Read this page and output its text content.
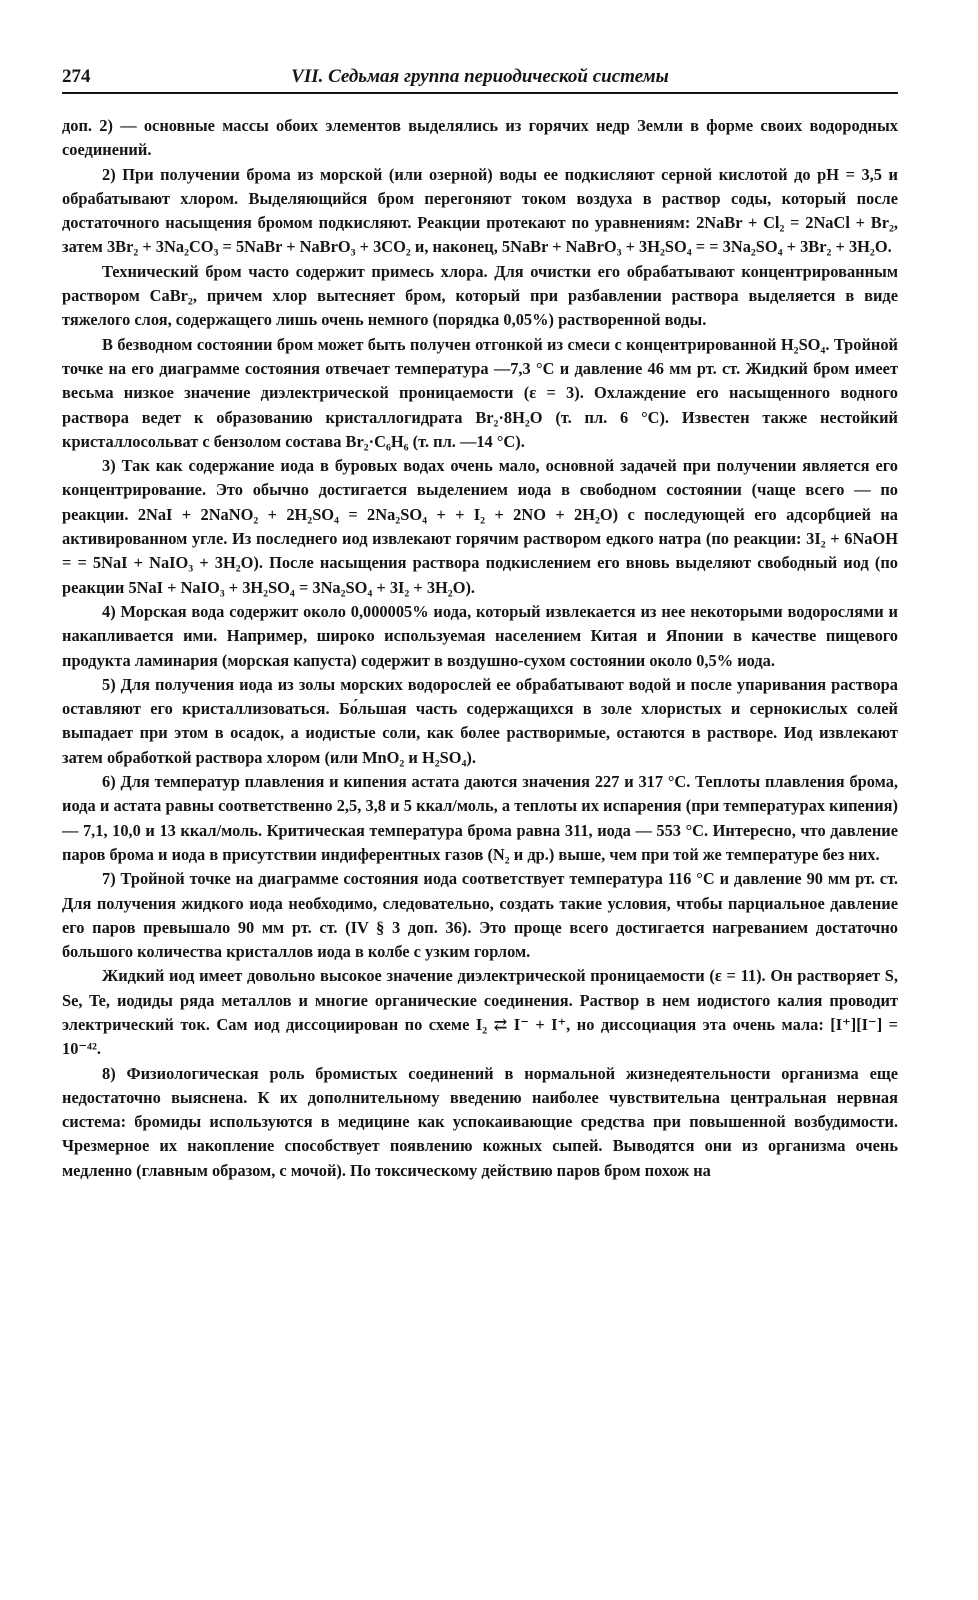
274	VII. Седьмая группа периодической системы

доп. 2) — основные массы обоих элементов выделялись из горячих недр Земли в форме своих водородных соединений.

2) При получении брома из морской (или озерной) воды ее подкисляют серной кислотой до pH = 3,5 и обрабатывают хлором. Выделяющийся бром перегоняют током воздуха в раствор соды, который после достаточного насыщения бромом подкисляют. Реакции протекают по уравнениям: 2NaBr + Cl₂ = 2NaCl + Br₂, затем 3Br₂ + 3Na₂CO₃ = 5NaBr + NaBrO₃ + 3CO₂ и, наконец, 5NaBr + NaBrO₃ + 3H₂SO₄ = = 3Na₂SO₄ + 3Br₂ + 3H₂O.

Технический бром часто содержит примесь хлора. Для очистки его обрабатывают концентрированным раствором CaBr₂, причем хлор вытесняет бром, который при разбавлении раствора выделяется в виде тяжелого слоя, содержащего лишь очень немного (порядка 0,05%) растворенной воды.

В безводном состоянии бром может быть получен отгонкой из смеси с концентрированной H₂SO₄. Тройной точке на его диаграмме состояния отвечает температура —7,3 °C и давление 46 мм рт. ст. Жидкий бром имеет весьма низкое значение диэлектрической проницаемости (ε = 3). Охлаждение его насыщенного водного раствора ведет к образованию кристаллогидрата Br₂·8H₂O (т. пл. 6 °C). Известен также нестойкий кристаллосольват с бензолом состава Br₂·C₆H₆ (т. пл. —14 °C).

3) Так как содержание иода в буровых водах очень мало, основной задачей при получении является его концентрирование. Это обычно достигается выделением иода в свободном состоянии (чаще всего — по реакции. 2NaI + 2NaNO₂ + 2H₂SO₄ = 2Na₂SO₄ + + I₂ + 2NO + 2H₂O) с последующей его адсорбцией на активированном угле. Из последнего иод извлекают горячим раствором едкого натра (по реакции: 3I₂ + 6NaOH = = 5NaI + NaIO₃ + 3H₂O). После насыщения раствора подкислением его вновь выделяют свободный иод (по реакции 5NaI + NaIO₃ + 3H₂SO₄ = 3Na₂SO₄ + 3I₂ + 3H₂O).

4) Морская вода содержит около 0,000005% иода, который извлекается из нее некоторыми водорослями и накапливается ими. Например, широко используемая населением Китая и Японии в качестве пищевого продукта ламинария (морская капуста) содержит в воздушно-сухом состоянии около 0,5% иода.

5) Для получения иода из золы морских водорослей ее обрабатывают водой и после упаривания раствора оставляют его кристаллизоваться. Бо́льшая часть содержащихся в золе хлористых и сернокислых солей выпадает при этом в осадок, а иодистые соли, как более растворимые, остаются в растворе. Иод извлекают затем обработкой раствора хлором (или MnO₂ и H₂SO₄).

6) Для температур плавления и кипения астата даются значения 227 и 317 °C. Теплоты плавления брома, иода и астата равны соответственно 2,5, 3,8 и 5 ккал/моль, а теплоты их испарения (при температурах кипения) — 7,1, 10,0 и 13 ккал/моль. Критическая температура брома равна 311, иода — 553 °C. Интересно, что давление паров брома и иода в присутствии индиферентных газов (N₂ и др.) выше, чем при той же температуре без них.

7) Тройной точке на диаграмме состояния иода соответствует температура 116 °C и давление 90 мм рт. ст. Для получения жидкого иода необходимо, следовательно, создать такие условия, чтобы парциальное давление его паров превышало 90 мм рт. ст. (IV § 3 доп. 36). Это проще всего достигается нагреванием достаточно большого количества кристаллов иода в колбе с узким горлом.

Жидкий иод имеет довольно высокое значение диэлектрической проницаемости (ε = 11). Он растворяет S, Se, Te, иодиды ряда металлов и многие органические соединения. Раствор в нем иодистого калия проводит электрический ток. Сам иод диссоциирован по схеме I₂ ⇄ I⁻ + I⁺, но диссоциация эта очень мала: [I⁺][I⁻] = 10⁻⁴².

8) Физиологическая роль бромистых соединений в нормальной жизнедеятельности организма еще недостаточно выяснена. К их дополнительному введению наиболее чувствительна центральная нервная система: бромиды используются в медицине как успокаивающие средства при повышенной возбудимости. Чрезмерное их накопление способствует появлению кожных сыпей. Выводятся они из организма очень медленно (главным образом, с мочой). По токсическому действию паров бром похож на
